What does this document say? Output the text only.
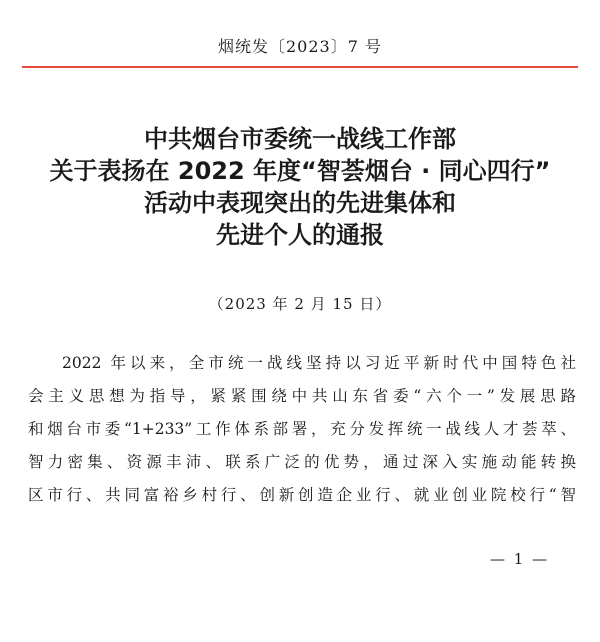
烟统发〔2023〕7 号
中共烟台市委统一战线工作部
关于表扬在 2022 年度“智荟烟台 · 同心四行”
活动中表现突出的先进集体和
先进个人的通报
（2023 年 2 月 15 日）
2022 年以来，全市统一战线坚持以习近平新时代中国特色社
会主义思想为指导，紧紧围绕中共山东省委“六个一”发展思路
和烟台市委“1+233”工作体系部署，充分发挥统一战线人才荟萃、
智力密集、资源丰沛、联系广泛的优势，通过深入实施动能转换
区市行、共同富裕乡村行、创新创造企业行、就业创业院校行“智
— 1 —
